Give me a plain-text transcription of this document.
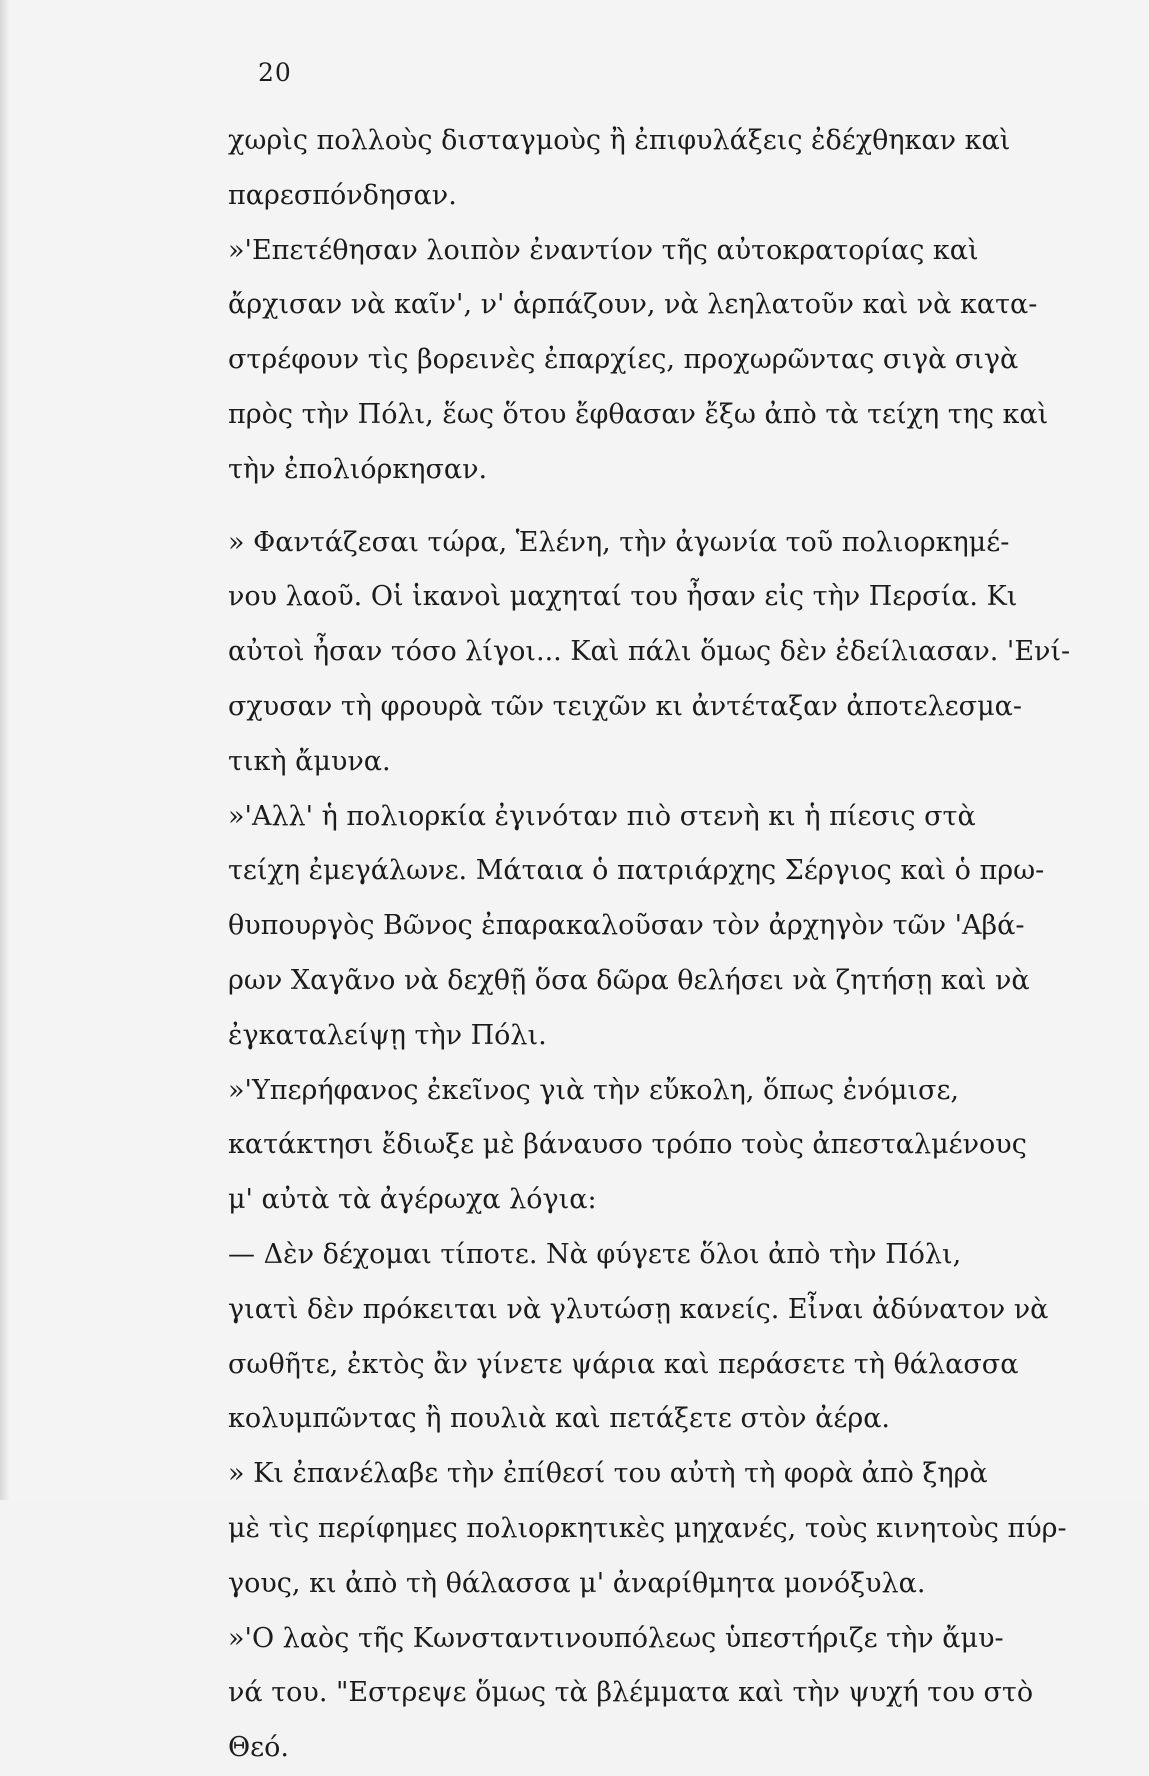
20
χωρὶς πολλοὺς δισταγμοὺς ἢ ἐπιφυλάξεις ἐδέχθηκαν καὶ
παρεσπόνδησαν.
»'Επετέθησαν λοιπὸν ἐναντίον τῆς αὐτοκρατορίας καὶ
ἄρχισαν νὰ καῖν', ν' ἁρπάζουν, νὰ λεηλατοῦν καὶ νὰ κατα-
στρέφουν τὶς βορεινὲς ἐπαρχίες, προχωρῶντας σιγὰ σιγὰ
πρὸς τὴν Πόλι, ἕως ὅτου ἔφθασαν ἔξω ἀπὸ τὰ τείχη της καὶ
τὴν ἐπολιόρκησαν.
» Φαντάζεσαι τώρα, Ἑλένη, τὴν ἀγωνία τοῦ πολιορκημέ-
νου λαοῦ. Οἱ ἱκανοὶ μαχηταί του ἦσαν εἰς τὴν Περσία. Κι
αὐτοὶ ἦσαν τόσο λίγοι... Καὶ πάλι ὅμως δὲν ἐδείλιασαν. 'Ενί-
σχυσαν τὴ φρουρὰ τῶν τειχῶν κι ἀντέταξαν ἀποτελεσμα-
τικὴ ἄμυνα.
»'Αλλ' ἡ πολιορκία ἐγινόταν πιὸ στενὴ κι ἡ πίεσις στὰ
τείχη ἐμεγάλωνε. Μάταια ὁ πατριάρχης Σέργιος καὶ ὁ πρω-
θυπουργὸς Βῶνος ἐπαρακαλοῦσαν τὸν ἀρχηγὸν τῶν 'Αβά-
ρων Χαγᾶνο νὰ δεχθῇ ὅσα δῶρα θελήσει νὰ ζητήσῃ καὶ νὰ
ἐγκαταλείψῃ τὴν Πόλι.
»'Υπερήφανος ἐκεῖνος γιὰ τὴν εὔκολη, ὅπως ἐνόμισε,
κατάκτησι ἔδιωξε μὲ βάναυσο τρόπο τοὺς ἀπεσταλμένους
μ' αὐτὰ τὰ ἀγέρωχα λόγια:
— Δὲν δέχομαι τίποτε. Νὰ φύγετε ὅλοι ἀπὸ τὴν Πόλι,
γιατὶ δὲν πρόκειται νὰ γλυτώσῃ κανείς. Εἶναι ἀδύνατον νὰ
σωθῆτε, ἐκτὸς ἂν γίνετε ψάρια καὶ περάσετε τὴ θάλασσα
κολυμπῶντας ἢ πουλιὰ καὶ πετάξετε στὸν ἀέρα.
» Κι ἐπανέλαβε τὴν ἐπίθεσί του αὐτὴ τὴ φορὰ ἀπὸ ξηρὰ
μὲ τὶς περίφημες πολιορκητικὲς μηχανές, τοὺς κινητοὺς πύρ-
γους, κι ἀπὸ τὴ θάλασσα μ' ἀναρίθμητα μονόξυλα.
»'Ο λαὸς τῆς Κωνσταντινουπόλεως ὑπεστήριζε τὴν ἄμυ-
νά του. "Εστρεψε ὅμως τὰ βλέμματα καὶ τὴν ψυχή του στὸ
Θεό.
